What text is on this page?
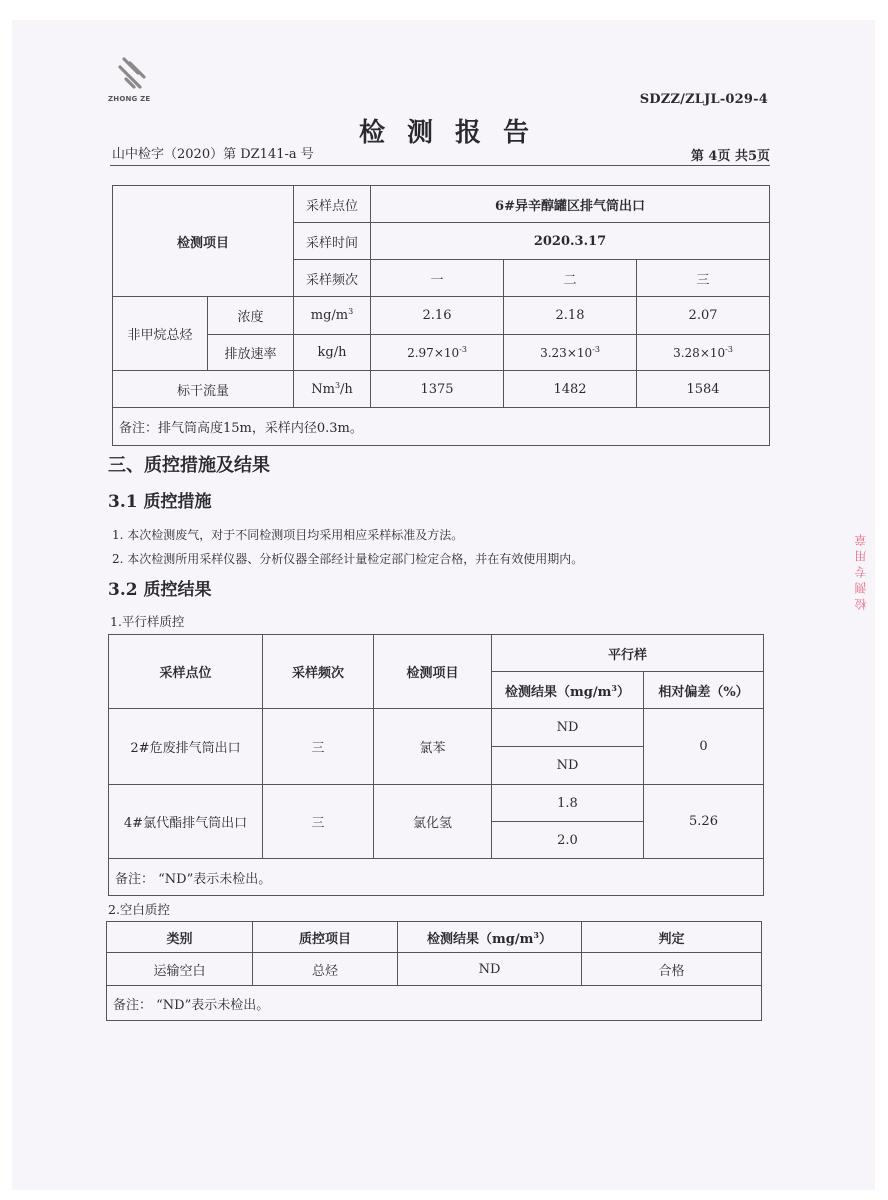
ZHONG ZE	SDZZ/ZLJL-029-4
检测报告
山中检字（2020）第 DZ141-a 号	第 4页 共5页
检测项目		采样点位	6#异辛醇罐区排气筒出口		
		采样时间	2020.3.17		
		采样频次	一	二	三
非甲烷总烃	浓度	$mg/m^3$	2.16	2.18	2.07
	排放速率	kg/h	$2.97\times 10^{-3}$	$3.23\times 10^{-3}$	$3.28\times 10^{-3}$
标干流量		Nm$^3$/h	1375	1482	1584
备注：排气筒高度15m，采样内径0.3m。					
三、质控措施及结果
3.1 质控措施
1. 本次检测废气，对于不同检测项目均采用相应采样标准及方法。
2. 本次检测所用采样仪器、分析仪器全部经计量检定部门检定合格，并在有效使用期内。
3.2 质控结果
1.平行样质控
采样点位	采样频次	检测项目	平行样	
			检测结果$(mg/m^3)$	相对偏差（%）
2#危废排气筒出口	三	氯苯	ND	0
			ND	
4#氯代酯排气筒出口	三	氯化氢	1.8	5.26
			2.0	
备注： “ND”表示未检出。				
2.空白质控
类别	质控项目	检测结果$(mg/m^3)$	判定
运输空白	总烃	ND	合格
备注： “ND”表示未检出。			
检测专用章
